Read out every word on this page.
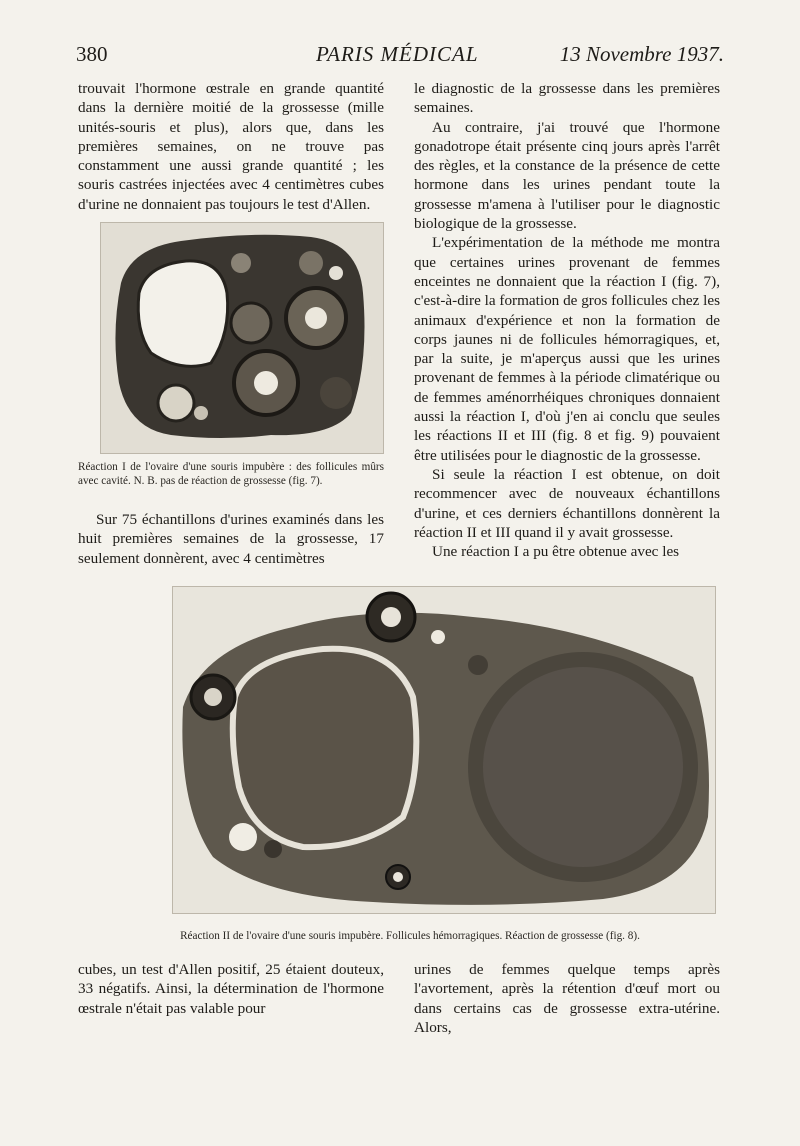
380	PARIS MÉDICAL	13 Novembre 1937.

trouvait l'hormone œstrale en grande quantité dans la dernière moitié de la grossesse (mille unités-souris et plus), alors que, dans les premières semaines, on ne trouve pas constamment une aussi grande quantité ; les souris castrées injectées avec 4 centimètres cubes d'urine ne donnaient pas toujours le test d'Allen.

Réaction I de l'ovaire d'une souris impubère : des follicules mûrs avec cavité. N. B. pas de réaction de grossesse (fig. 7).

Sur 75 échantillons d'urines examinés dans les huit premières semaines de la grossesse, 17 seulement donnèrent, avec 4 centimètres

le diagnostic de la grossesse dans les premières semaines.

Au contraire, j'ai trouvé que l'hormone gonadotrope était présente cinq jours après l'arrêt des règles, et la constance de la présence de cette hormone dans les urines pendant toute la grossesse m'amena à l'utiliser pour le diagnostic biologique de la grossesse.

L'expérimentation de la méthode me montra que certaines urines provenant de femmes enceintes ne donnaient que la réaction I (fig. 7), c'est-à-dire la formation de gros follicules chez les animaux d'expérience et non la formation de corps jaunes ni de follicules hémorragiques, et, par la suite, je m'aperçus aussi que les urines provenant de femmes à la période climatérique ou de femmes aménorrhéiques chroniques donnaient aussi la réaction I, d'où j'en ai conclu que seules les réactions II et III (fig. 8 et fig. 9) pouvaient être utilisées pour le diagnostic de la grossesse.

Si seule la réaction I est obtenue, on doit recommencer avec de nouveaux échantillons d'urine, et ces derniers échantillons donnèrent la réaction II et III quand il y avait grossesse.

Une réaction I a pu être obtenue avec les

Réaction II de l'ovaire d'une souris impubère. Follicules hémorragiques. Réaction de grossesse (fig. 8).

cubes, un test d'Allen positif, 25 étaient douteux, 33 négatifs. Ainsi, la détermination de l'hormone œstrale n'était pas valable pour

urines de femmes quelque temps après l'avortement, après la rétention d'œuf mort ou dans certains cas de grossesse extra-utérine. Alors,
